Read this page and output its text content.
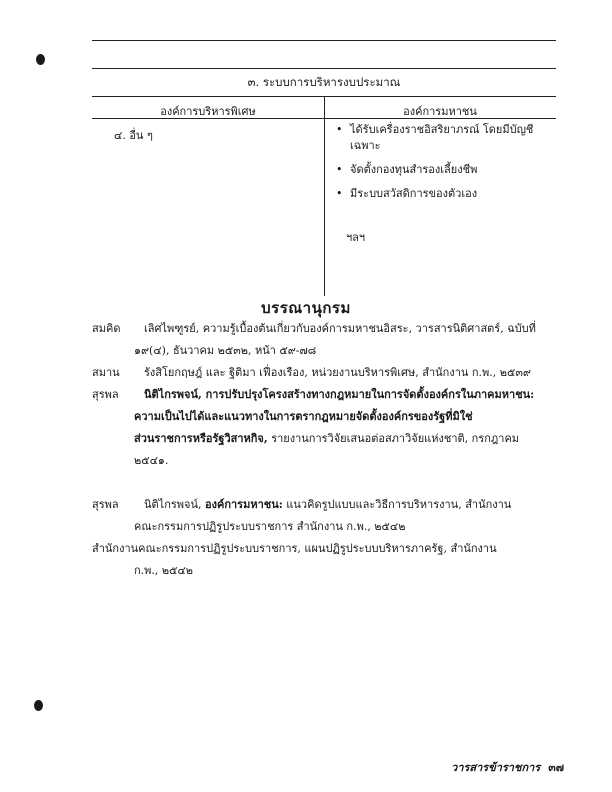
๓. ระบบการบริหารงบประมาณ
องค์การบริหารพิเศษ	องค์การมหาชน
๔. อื่น ๆ	• ได้รับเครื่องราชอิสริยาภรณ์ โดยมีบัญชีเฉพาะ
• จัดตั้งกองทุนสำรองเลี้ยงชีพ
• มีระบบสวัสดิการของตัวเอง
ฯลฯ
บรรณานุกรม
สมคิด เลิศไพฑูรย์, ความรู้เบื้องต้นเกี่ยวกับองค์การมหาชนอิสระ, วารสารนิติศาสตร์, ฉบับที่
๑๙(๔), ธันวาคม ๒๕๓๒, หน้า ๕๙-๗๘
สมาน รังสิโยกฤษฎ์ และ ฐิติมา เฟื่องเรือง, หน่วยงานบริหารพิเศษ, สำนักงาน ก.พ., ๒๕๓๙
สุรพล นิติไกรพจน์, การปรับปรุงโครงสร้างทางกฎหมายในการจัดตั้งองค์กรในภาคมหาชน:
ความเป็นไปได้และแนวทางในการตรากฎหมายจัดตั้งองค์กรของรัฐที่มิใช่
ส่วนราชการหรือรัฐวิสาหกิจ, รายงานการวิจัยเสนอต่อสภาวิจัยแห่งชาติ, กรกฎาคม
๒๕๔๑.
สุรพล นิติไกรพจน์, องค์การมหาชน: แนวคิดรูปแบบและวิธีการบริหารงาน, สำนักงาน
คณะกรรมการปฏิรูประบบราชการ สำนักงาน ก.พ., ๒๕๔๒
สำนักงานคณะกรรมการปฏิรูประบบราชการ, แผนปฏิรูประบบบริหารภาครัฐ, สำนักงาน
ก.พ., ๒๕๔๒
วารสารข้าราชการ ๓๗
